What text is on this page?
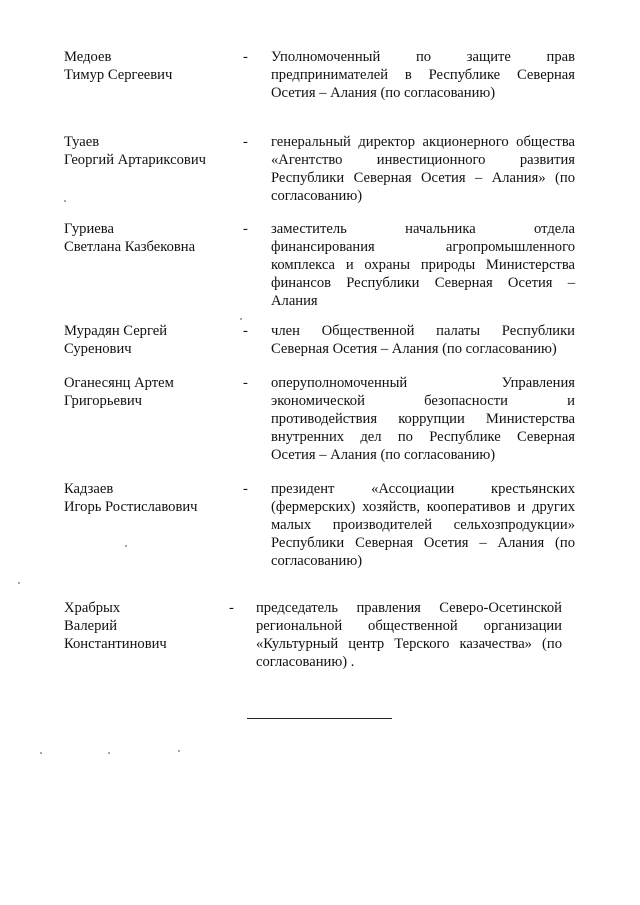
Медоев
Тимур Сергеевич
- Уполномоченный по защите прав
предпринимателей в Республике Северная
Осетия – Алания (по согласованию)
Туаев
Георгий Артариксович
- генеральный директор акционерного общества
«Агентство инвестиционного развития
Республики Северная Осетия – Алания» (по
согласованию)
Гуриева
Светлана Казбековна
- заместитель начальника отдела
финансирования агропромышленного
комплекса и охраны природы Министерства
финансов Республики Северная Осетия –
Алания
Мурадян Сергей
Суренович
- член Общественной палаты Республики
Северная Осетия – Алания (по согласованию)
Оганесянц Артем
Григорьевич
- оперуполномоченный Управления
экономической безопасности и
противодействия коррупции Министерства
внутренних дел по Республике Северная
Осетия – Алания (по согласованию)
Кадзаев
Игорь Ростиславович
- президент «Ассоциации крестьянских
(фермерских) хозяйств, кооперативов и других
малых производителей сельхозпродукции»
Республики Северная Осетия – Алания (по
согласованию)
Храбрых
Валерий
Константинович
- председатель правления Северо-Осетинской
региональной общественной организации
«Культурный центр Терского казачества» (по
согласованию) .
